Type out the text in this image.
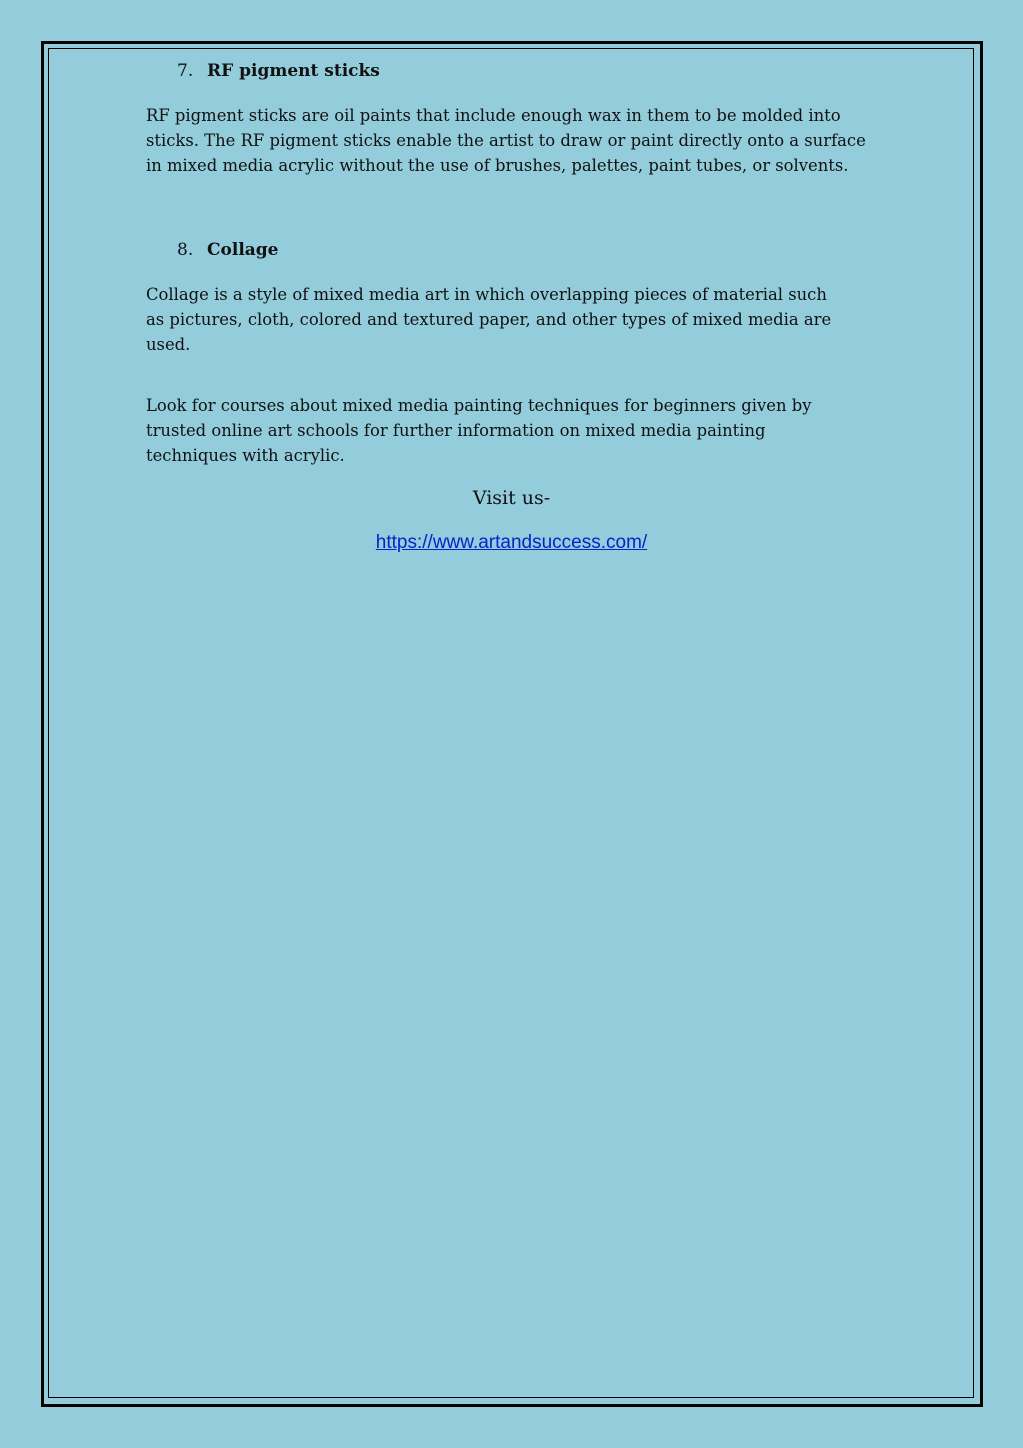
7. RF pigment sticks

RF pigment sticks are oil paints that include enough wax in them to be molded into sticks. The RF pigment sticks enable the artist to draw or paint directly onto a surface in mixed media acrylic without the use of brushes, palettes, paint tubes, or solvents.

8. Collage

Collage is a style of mixed media art in which overlapping pieces of material such as pictures, cloth, colored and textured paper, and other types of mixed media are used.

Look for courses about mixed media painting techniques for beginners given by trusted online art schools for further information on mixed media painting techniques with acrylic.

Visit us-

https://www.artandsuccess.com/
